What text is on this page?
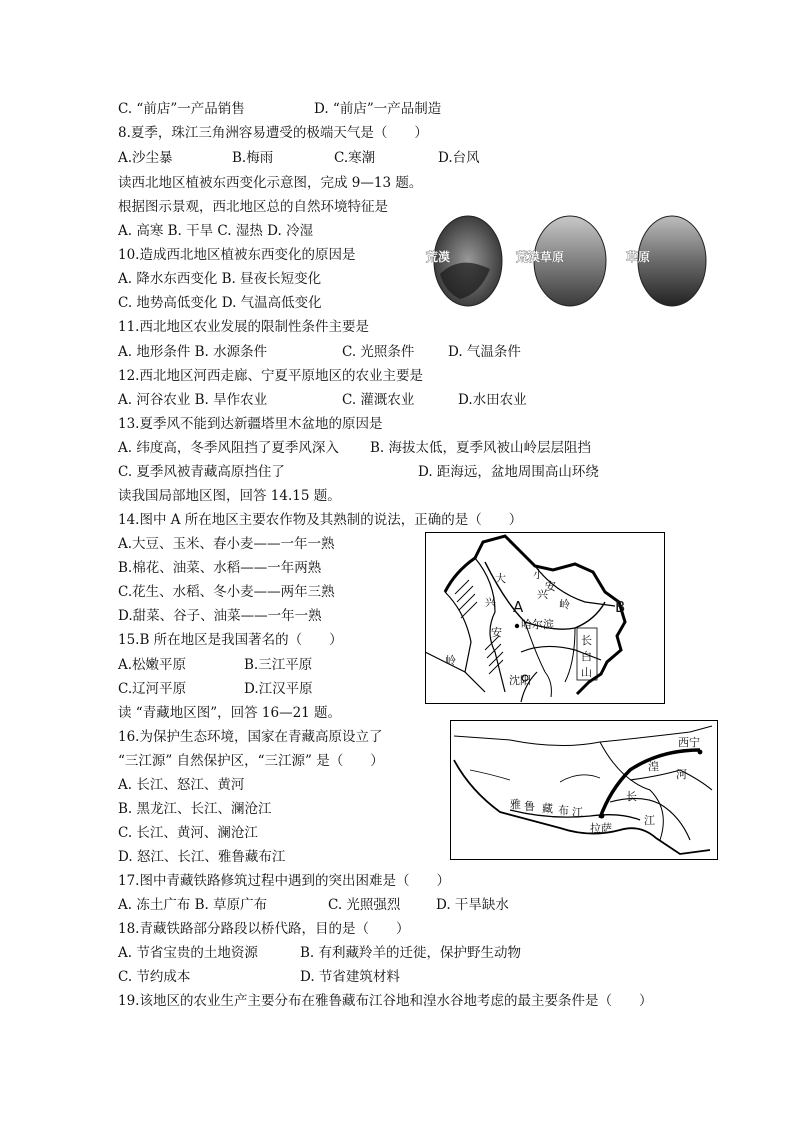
C. “前店”一产品销售	D. “前店”一产品制造
8.夏季，珠江三角洲容易遭受的极端天气是（　　）
A.沙尘暴	B.梅雨	C.寒潮	D.台风
读西北地区植被东西变化示意图，完成 9—13 题。
根据图示景观，西北地区总的自然环境特征是
A. 高寒 B. 干旱 C. 湿热 D. 冷湿
10.造成西北地区植被东西变化的原因是
A. 降水东西变化 B. 昼夜长短变化
C. 地势高低变化 D. 气温高低变化
11.西北地区农业发展的限制性条件主要是
A. 地形条件 B. 水源条件	C. 光照条件 D. 气温条件
12.西北地区河西走廊、宁夏平原地区的农业主要是
A. 河谷农业 B. 旱作农业	C. 灌溉农业	D.水田农业
13.夏季风不能到达新疆塔里木盆地的原因是
A. 纬度高，冬季风阻挡了夏季风深入 B. 海拔太低，夏季风被山岭层层阻挡
C. 夏季风被青藏高原挡住了	D. 距海远，盆地周围高山环绕
读我国局部地区图，回答 14.15 题。
14.图中 A 所在地区主要农作物及其熟制的说法，正确的是（　　）
A.大豆、玉米、春小麦——一年一熟
B.棉花、油菜、水稻——一年两熟
C.花生、水稻、冬小麦——两年三熟
D.甜菜、谷子、油菜——一年一熟
15.B 所在地区是我国著名的（　　）
A.松嫩平原	B.三江平原
C.辽河平原	D.江汉平原
读 “青藏地区图”，回答 16—21 题。
16.为保护生态环境，国家在青藏高原设立了
“三江源” 自然保护区，“三江源” 是（　　）
A. 长江、怒江、黄河
B. 黑龙江、长江、澜沧江
C. 长江、黄河、澜沧江
D. 怒江、长江、雅鲁藏布江
17.图中青藏铁路修筑过程中遇到的突出困难是（　　）
A. 冻土广布 B. 草原广布	C. 光照强烈	D. 干旱缺水
18.青藏铁路部分路段以桥代路，目的是（　　）
A. 节省宝贵的土地资源	B. 有利藏羚羊的迁徙，保护野生动物
C. 节约成本	D. 节省建筑材料
19.该地区的农业生产主要分布在雅鲁藏布江谷地和湟水谷地考虑的最主要条件是（　　）
荒漠	荒漠草原	草原
大
兴
安
岭
小
兴
安
岭
A
哈尔滨
长
白
山
沈阳
B
西宁
湟
河
雅 鲁 藏 布 江
拉萨
长
江
